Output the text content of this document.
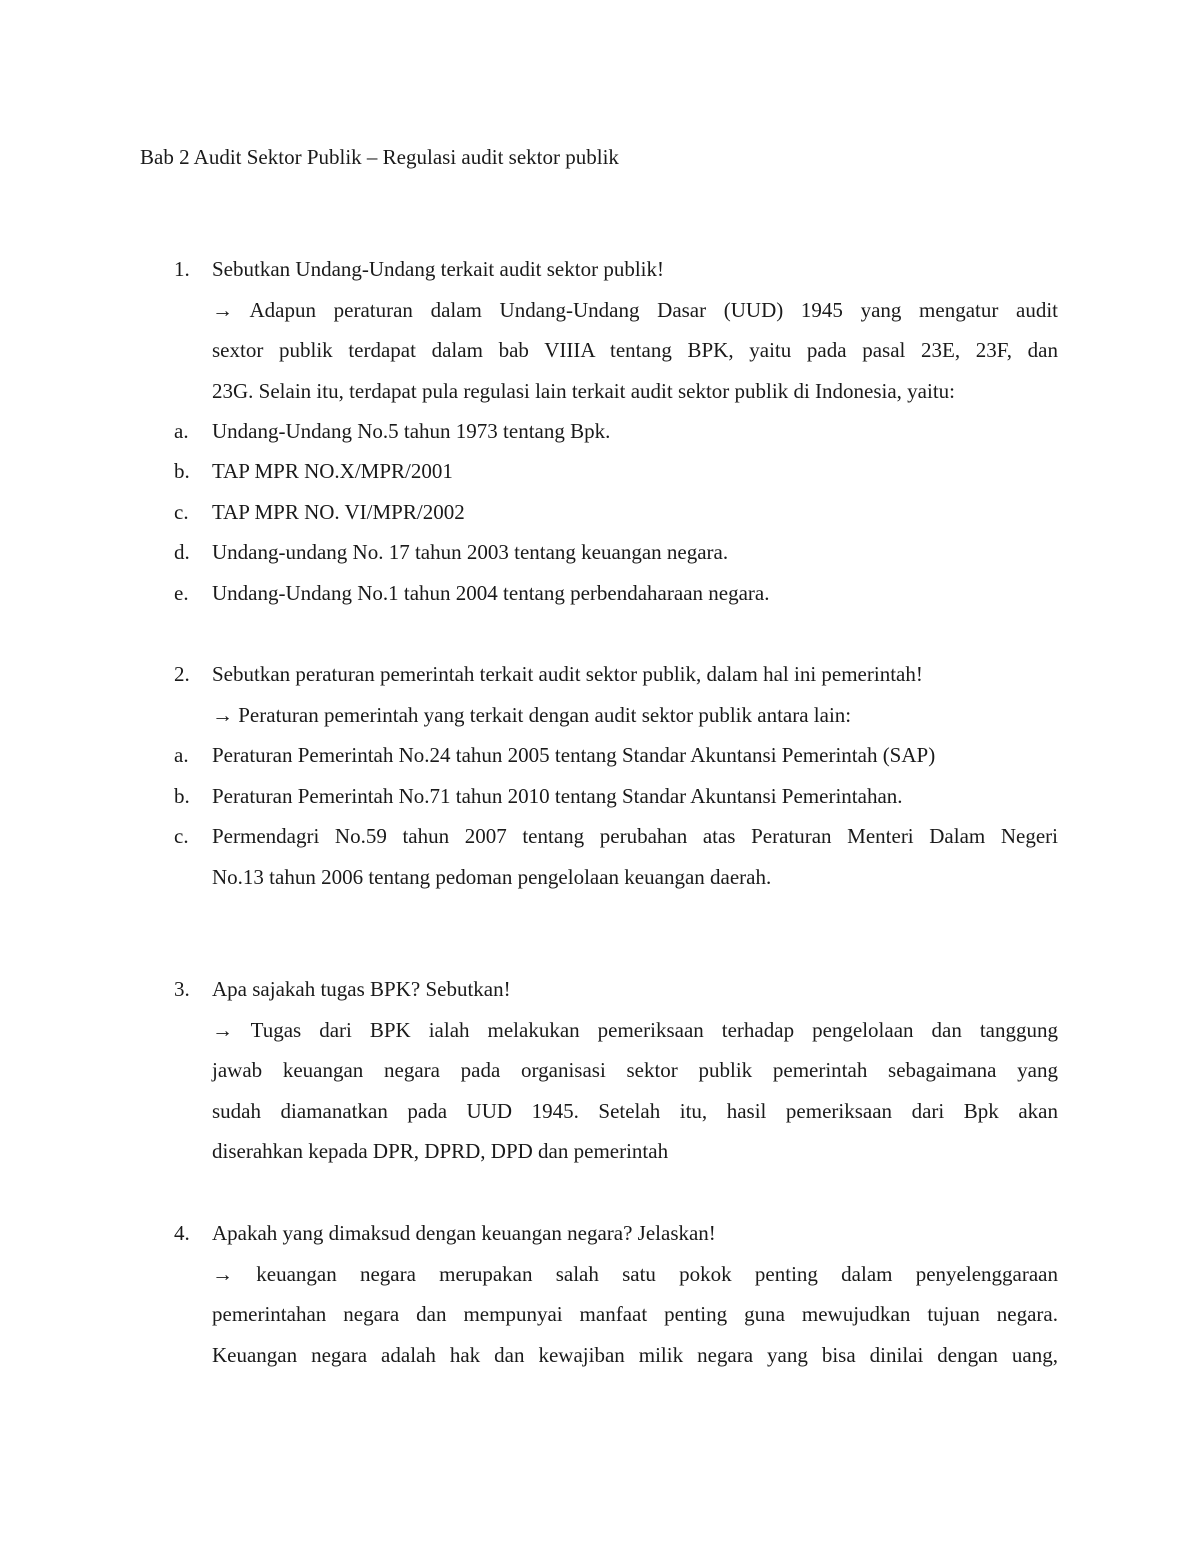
Bab 2 Audit Sektor Publik – Regulasi audit sektor publik
1. Sebutkan Undang-Undang terkait audit sektor publik!
→ Adapun peraturan dalam Undang-Undang Dasar (UUD) 1945 yang mengatur audit
sextor publik terdapat dalam bab VIIIA tentang BPK, yaitu pada pasal 23E, 23F, dan
23G. Selain itu, terdapat pula regulasi lain terkait audit sektor publik di Indonesia, yaitu:
a. Undang-Undang No.5 tahun 1973 tentang Bpk.
b. TAP MPR NO.X/MPR/2001
c. TAP MPR NO. VI/MPR/2002
d. Undang-undang No. 17 tahun 2003 tentang keuangan negara.
e. Undang-Undang No.1 tahun 2004 tentang perbendaharaan negara.
2. Sebutkan peraturan pemerintah terkait audit sektor publik, dalam hal ini pemerintah!
→ Peraturan pemerintah yang terkait dengan audit sektor publik antara lain:
a. Peraturan Pemerintah No.24 tahun 2005 tentang Standar Akuntansi Pemerintah (SAP)
b. Peraturan Pemerintah No.71 tahun 2010 tentang Standar Akuntansi Pemerintahan.
c. Permendagri No.59 tahun 2007 tentang perubahan atas Peraturan Menteri Dalam Negeri
No.13 tahun 2006 tentang pedoman pengelolaan keuangan daerah.
3. Apa sajakah tugas BPK? Sebutkan!
→ Tugas dari BPK ialah melakukan pemeriksaan terhadap pengelolaan dan tanggung
jawab keuangan negara pada organisasi sektor publik pemerintah sebagaimana yang
sudah diamanatkan pada UUD 1945. Setelah itu, hasil pemeriksaan dari Bpk akan
diserahkan kepada DPR, DPRD, DPD dan pemerintah
4. Apakah yang dimaksud dengan keuangan negara? Jelaskan!
→ keuangan negara merupakan salah satu pokok penting dalam penyelenggaraan
pemerintahan negara dan mempunyai manfaat penting guna mewujudkan tujuan negara.
Keuangan negara adalah hak dan kewajiban milik negara yang bisa dinilai dengan uang,
